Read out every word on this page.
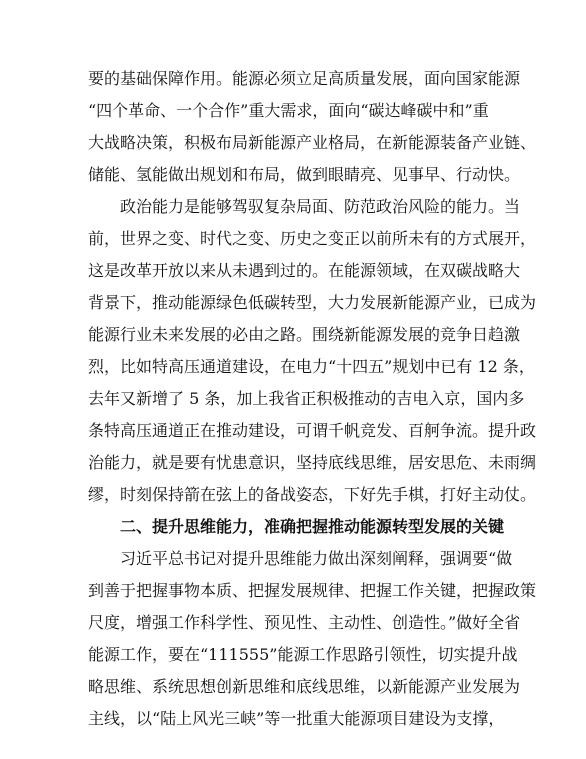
要的基础保障作用。能源必须立足高质量发展，面向国家能源
“四个革命、一个合作”重大需求，面向“碳达峰碳中和”重
大战略决策，积极布局新能源产业格局，在新能源装备产业链、
储能、氢能做出规划和布局，做到眼睛亮、见事早、行动快。
政治能力是能够驾驭复杂局面、防范政治风险的能力。当
前，世界之变、时代之变、历史之变正以前所未有的方式展开，
这是改革开放以来从未遇到过的。在能源领域，在双碳战略大
背景下，推动能源绿色低碳转型，大力发展新能源产业，已成为
能源行业未来发展的必由之路。围绕新能源发展的竞争日趋激
烈，比如特高压通道建设，在电力“十四五”规划中已有 12 条，
去年又新增了 5 条，加上我省正积极推动的吉电入京，国内多
条特高压通道正在推动建设，可谓千帆竞发、百舸争流。提升政
治能力，就是要有忧患意识，坚持底线思维，居安思危、未雨绸
缪，时刻保持箭在弦上的备战姿态，下好先手棋，打好主动仗。
二、提升思维能力，准确把握推动能源转型发展的关键
习近平总书记对提升思维能力做出深刻阐释，强调要“做
到善于把握事物本质、把握发展规律、把握工作关键，把握政策
尺度，增强工作科学性、预见性、主动性、创造性。”做好全省
能源工作，要在“111555”能源工作思路引领性，切实提升战
略思维、系统思想创新思维和底线思维，以新能源产业发展为
主线，以“陆上风光三峡”等一批重大能源项目建设为支撑，
